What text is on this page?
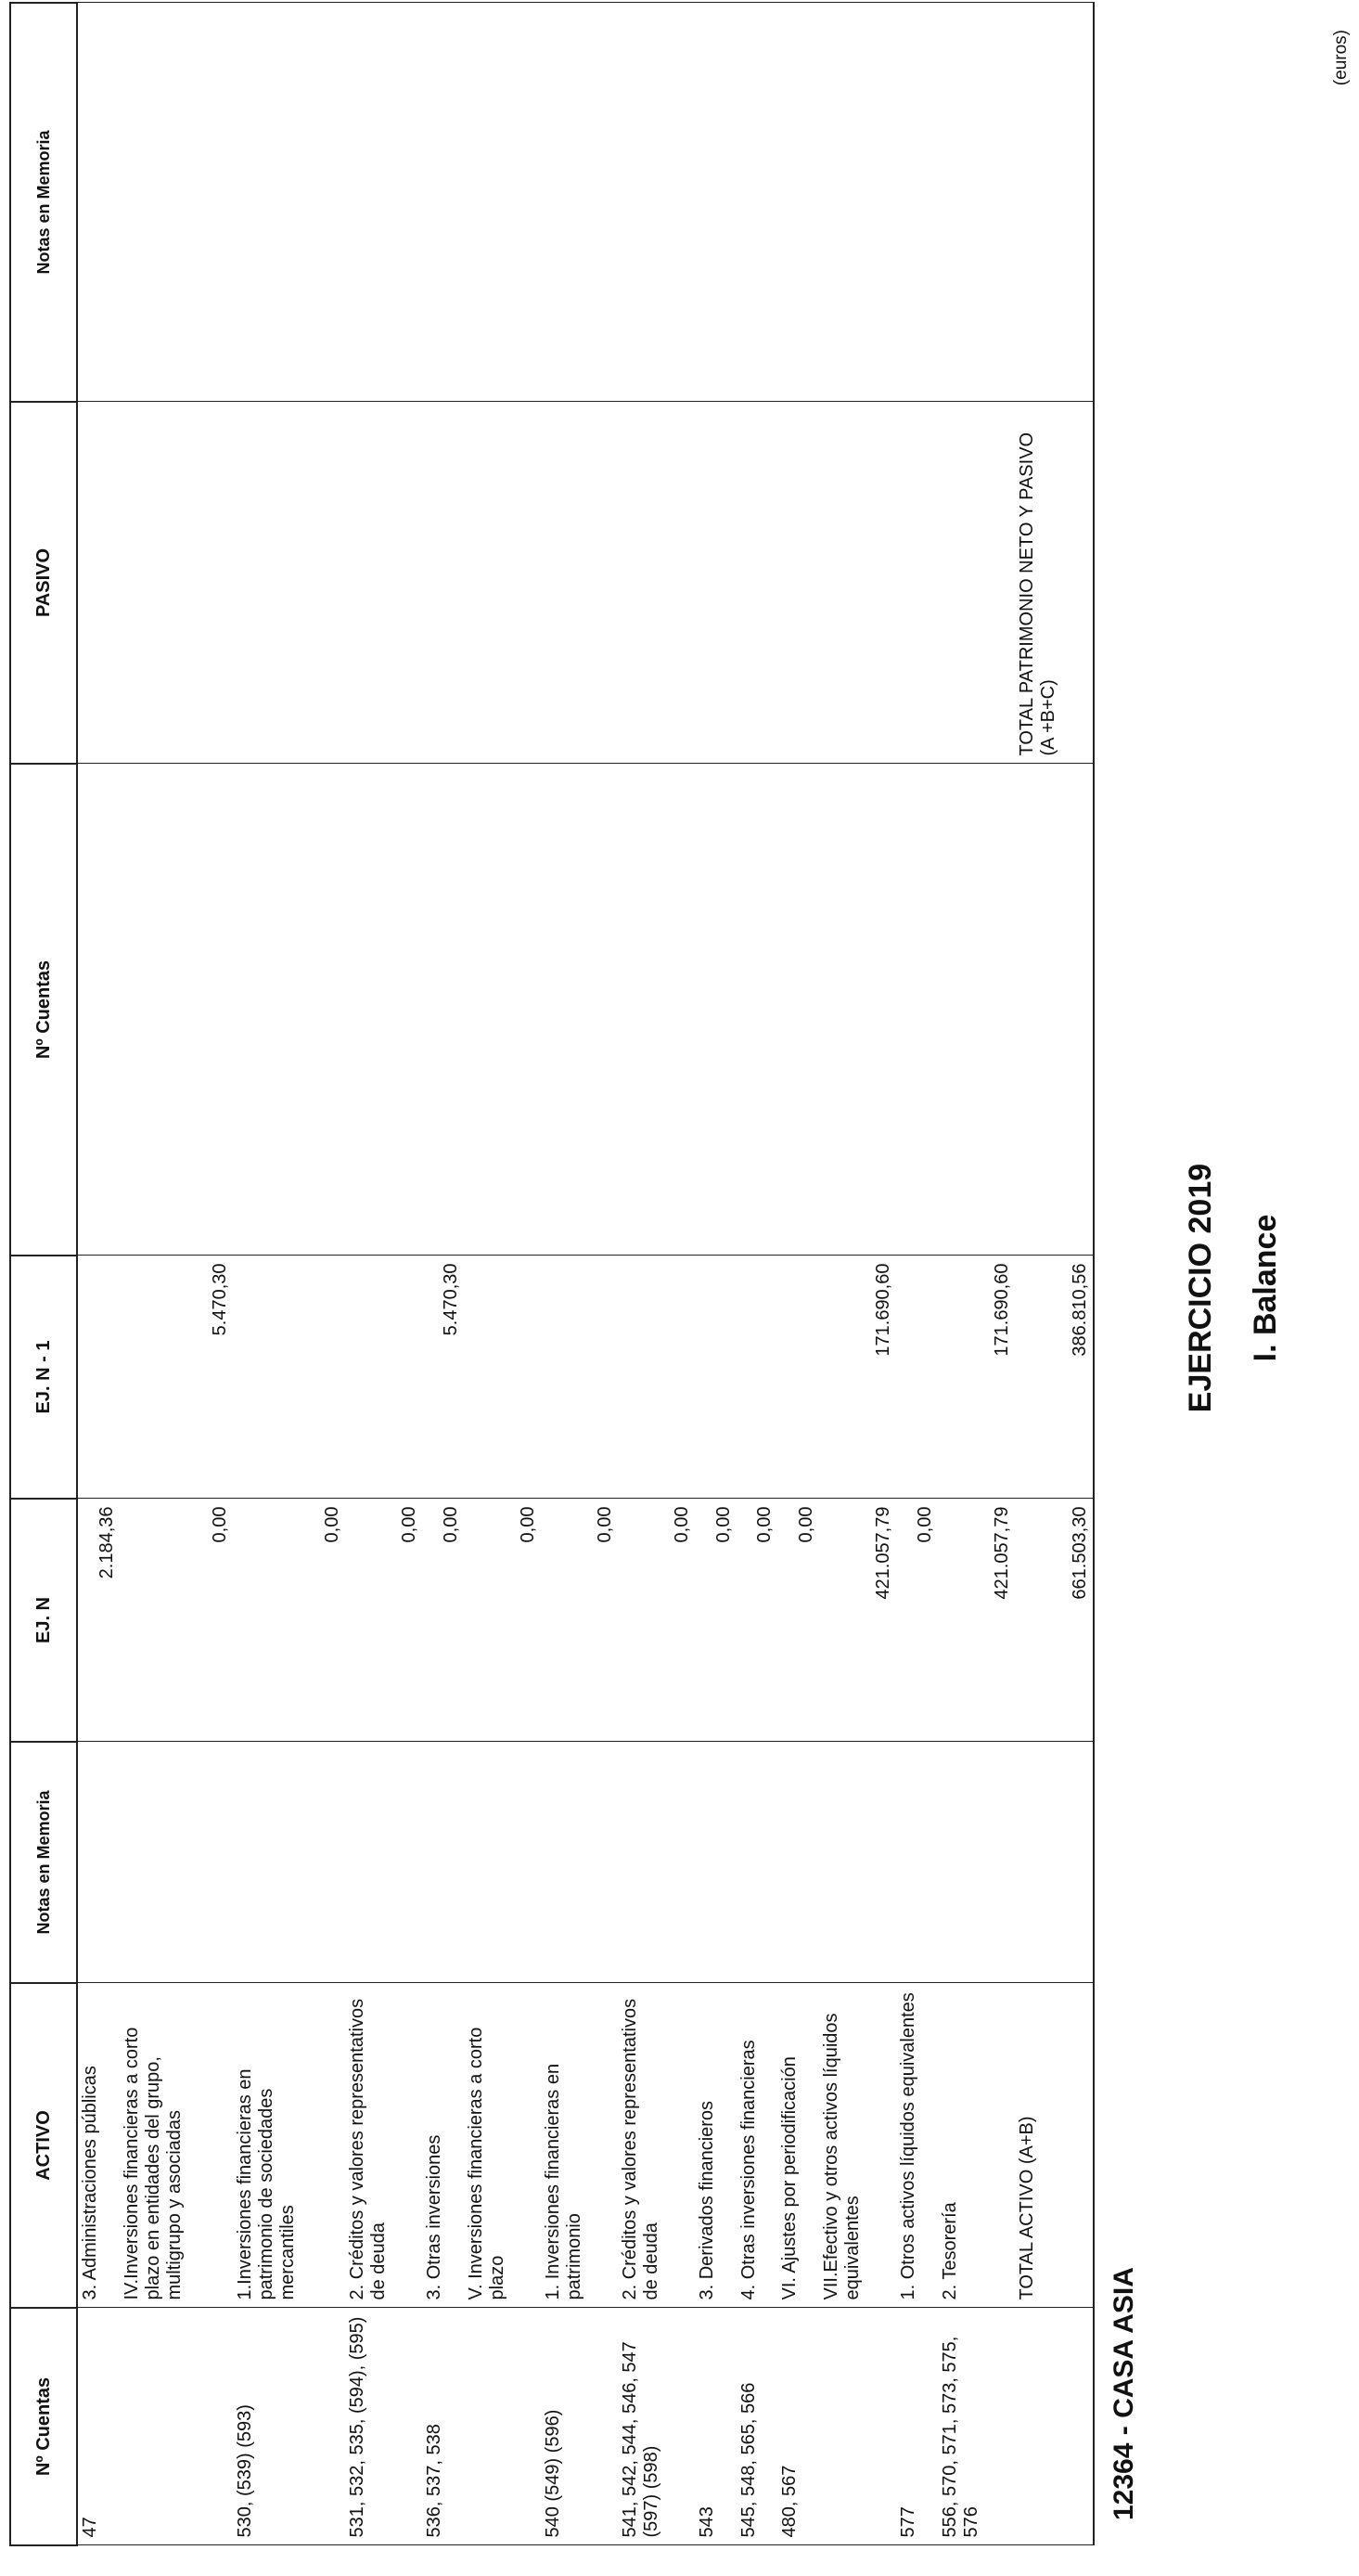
I. Balance
EJERCICIO 2019
12364 - CASA ASIA
(euros)
Nº Cuentas	ACTIVO	Notas en Memoria	EJ. N	EJ. N - 1	Nº Cuentas	PASIVO	Notas en Memoria	
47	3. Administraciones públicas		2.184,36						
	IV.Inversiones financieras a corto plazo en entidades del grupo, multigrupo y asociadas		0,00	5.470,30					
530, (539) (593)	1.Inversiones financieras en patrimonio de sociedades mercantiles		0,00						
531, 532, 535, (594), (595)	2. Créditos y valores representativos de deuda		0,00						
536, 537, 538	3. Otras inversiones		0,00	5.470,30					
	V. Inversiones financieras a corto plazo		0,00						
540 (549) (596)	1. Inversiones financieras en patrimonio		0,00						
541, 542, 544, 546, 547 (597) (598)	2. Créditos y valores representativos de deuda		0,00						
543	3. Derivados financieros		0,00						
545, 548, 565, 566	4. Otras inversiones financieras		0,00						
480, 567	VI. Ajustes por periodificación		0,00						
	VII.Efectivo y otros activos líquidos equivalentes		421.057,79	171.690,60					
577	1. Otros activos líquidos equivalentes		0,00						
556, 570, 571, 573, 575, 576	2. Tesorería		421.057,79	171.690,60					
	TOTAL ACTIVO (A+B)		661.503,30	386.810,56		TOTAL PATRIMONIO NETO Y PASIVO (A +B+C)			
